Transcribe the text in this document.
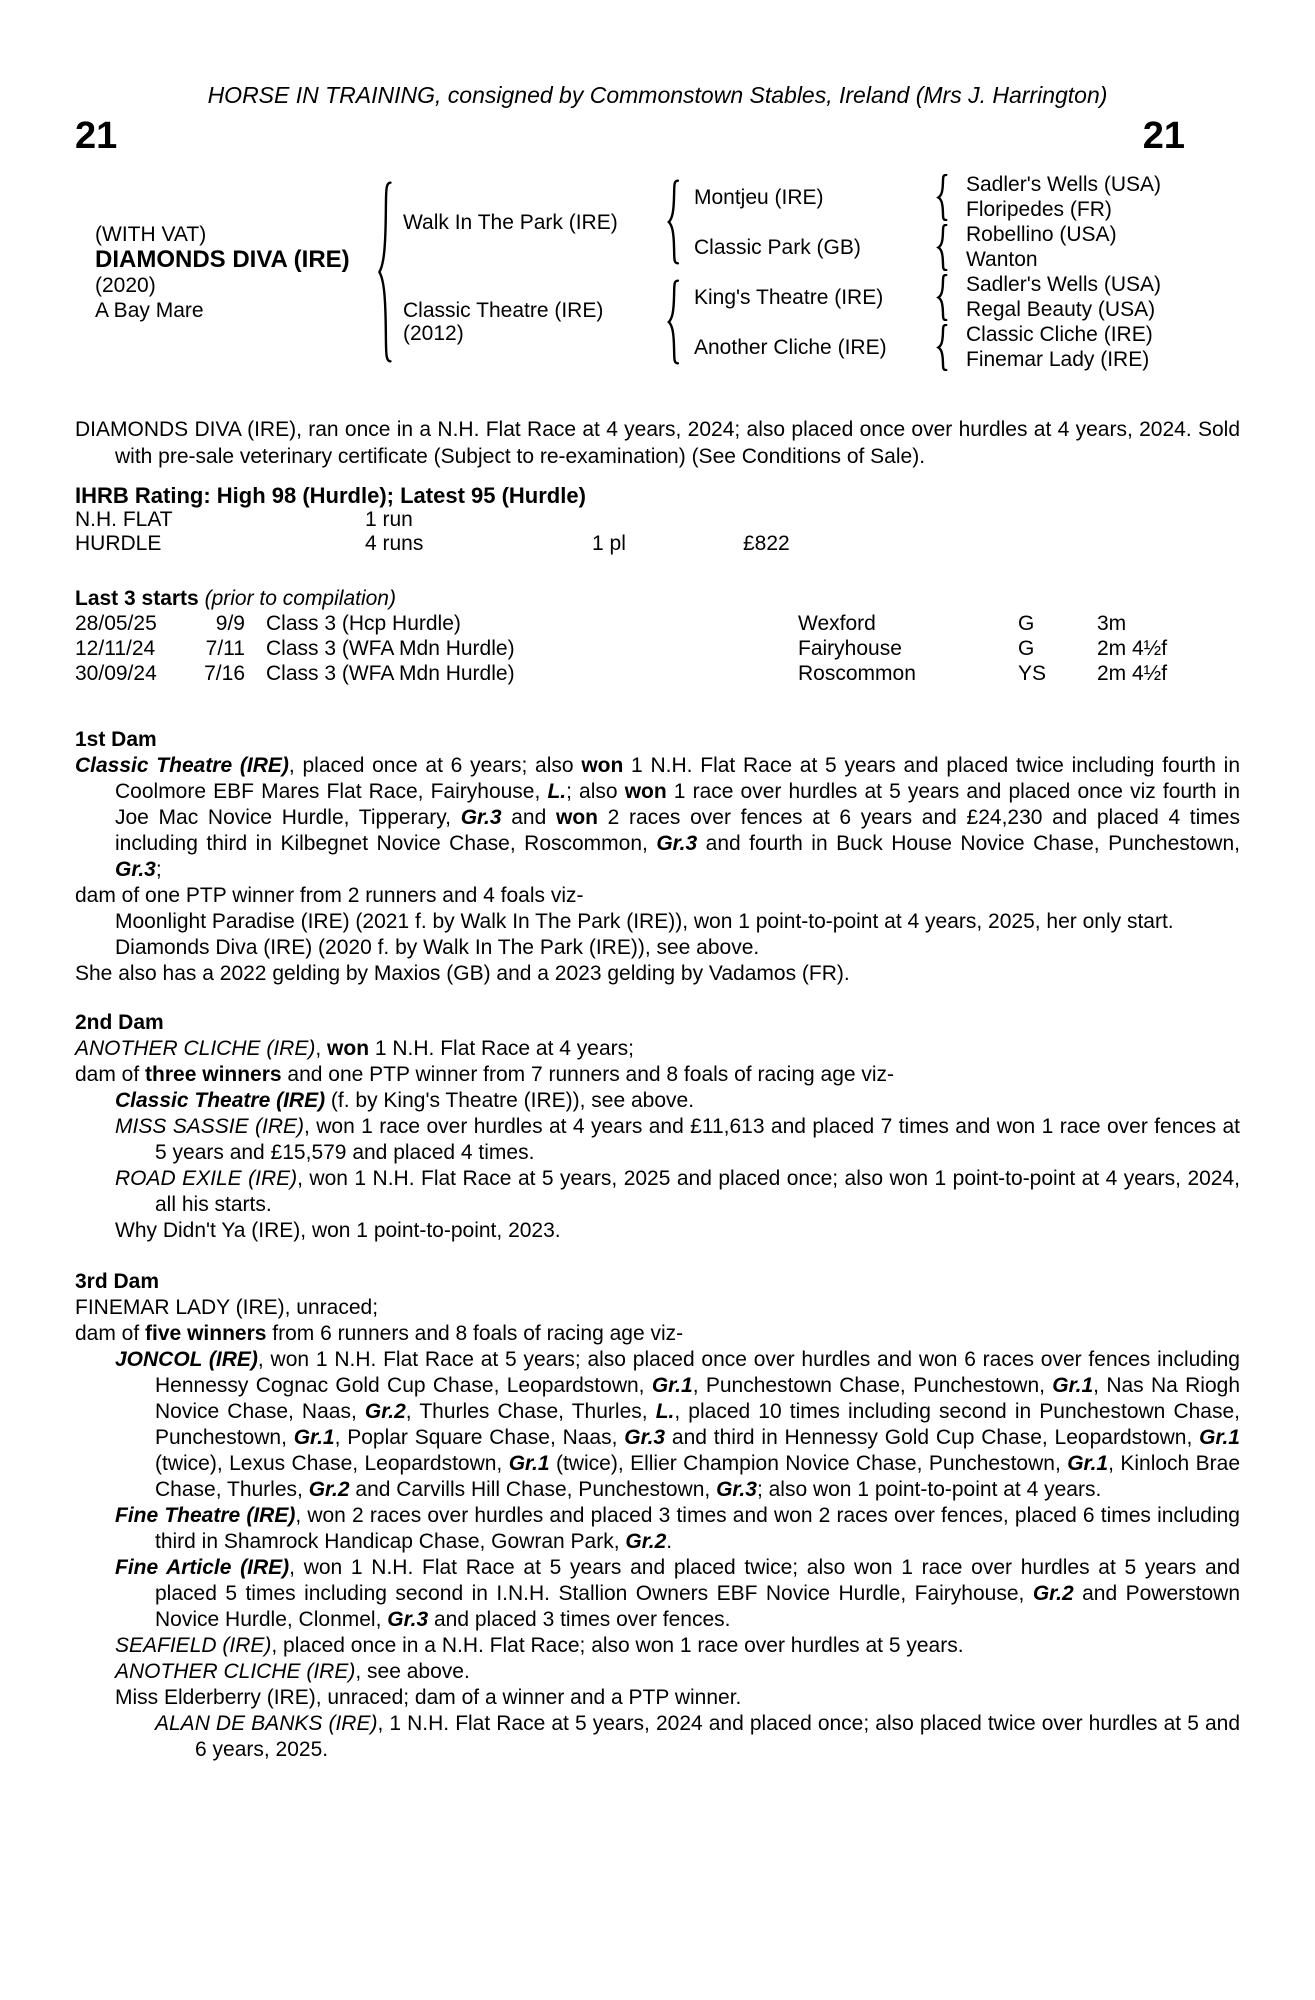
HORSE IN TRAINING, consigned by Commonstown Stables, Ireland (Mrs J. Harrington)
21	21
(WITH VAT)
DIAMONDS DIVA (IRE) (2020)
A Bay Mare
Walk In The Park (IRE)
Classic Theatre (IRE)
(2012)
Montjeu (IRE)
Classic Park (GB)
King's Theatre (IRE)
Another Cliche (IRE)
Sadler's Wells (USA)
Floripedes (FR)
Robellino (USA)
Wanton
Sadler's Wells (USA)
Regal Beauty (USA)
Classic Cliche (IRE)
Finemar Lady (IRE)

DIAMONDS DIVA (IRE), ran once in a N.H. Flat Race at 4 years, 2024; also placed once over hurdles at 4 years, 2024. Sold with pre-sale veterinary certificate (Subject to re-examination) (See Conditions of Sale).

IHRB Rating: High 98 (Hurdle); Latest 95 (Hurdle)
N.H. FLAT	1 run
HURDLE	4 runs	1 pl	£822
Last 3 starts (prior to compilation)
28/05/25	9/9	Class 3 (Hcp Hurdle)	Wexford	G	3m
12/11/24	7/11	Class 3 (WFA Mdn Hurdle)	Fairyhouse	G	2m 4½f
30/09/24	7/16	Class 3 (WFA Mdn Hurdle)	Roscommon	YS	2m 4½f
1st Dam

Classic Theatre (IRE), placed once at 6 years; also won 1 N.H. Flat Race at 5 years and placed twice including fourth in Coolmore EBF Mares Flat Race, Fairyhouse, L.; also won 1 race over hurdles at 5 years and placed once viz fourth in Joe Mac Novice Hurdle, Tipperary, Gr.3 and won 2 races over fences at 6 years and £24,230 and placed 4 times including third in Kilbegnet Novice Chase, Roscommon, Gr.3 and fourth in Buck House Novice Chase, Punchestown, Gr.3;

dam of one PTP winner from 2 runners and 4 foals viz-

Moonlight Paradise (IRE) (2021 f. by Walk In The Park (IRE)), won 1 point-to-point at 4 years, 2025, her only start.

Diamonds Diva (IRE) (2020 f. by Walk In The Park (IRE)), see above.

She also has a 2022 gelding by Maxios (GB) and a 2023 gelding by Vadamos (FR).

2nd Dam

ANOTHER CLICHE (IRE), won 1 N.H. Flat Race at 4 years;

dam of three winners and one PTP winner from 7 runners and 8 foals of racing age viz-

Classic Theatre (IRE) (f. by King's Theatre (IRE)), see above.

MISS SASSIE (IRE), won 1 race over hurdles at 4 years and £11,613 and placed 7 times and won 1 race over fences at 5 years and £15,579 and placed 4 times.

ROAD EXILE (IRE), won 1 N.H. Flat Race at 5 years, 2025 and placed once; also won 1 point-to-point at 4 years, 2024, all his starts.

Why Didn't Ya (IRE), won 1 point-to-point, 2023.

3rd Dam

FINEMAR LADY (IRE), unraced;

dam of five winners from 6 runners and 8 foals of racing age viz-

JONCOL (IRE), won 1 N.H. Flat Race at 5 years; also placed once over hurdles and won 6 races over fences including Hennessy Cognac Gold Cup Chase, Leopardstown, Gr.1, Punchestown Chase, Punchestown, Gr.1, Nas Na Riogh Novice Chase, Naas, Gr.2, Thurles Chase, Thurles, L., placed 10 times including second in Punchestown Chase, Punchestown, Gr.1, Poplar Square Chase, Naas, Gr.3 and third in Hennessy Gold Cup Chase, Leopardstown, Gr.1 (twice), Lexus Chase, Leopardstown, Gr.1 (twice), Ellier Champion Novice Chase, Punchestown, Gr.1, Kinloch Brae Chase, Thurles, Gr.2 and Carvills Hill Chase, Punchestown, Gr.3; also won 1 point-to-point at 4 years.

Fine Theatre (IRE), won 2 races over hurdles and placed 3 times and won 2 races over fences, placed 6 times including third in Shamrock Handicap Chase, Gowran Park, Gr.2.

Fine Article (IRE), won 1 N.H. Flat Race at 5 years and placed twice; also won 1 race over hurdles at 5 years and placed 5 times including second in I.N.H. Stallion Owners EBF Novice Hurdle, Fairyhouse, Gr.2 and Powerstown Novice Hurdle, Clonmel, Gr.3 and placed 3 times over fences.

SEAFIELD (IRE), placed once in a N.H. Flat Race; also won 1 race over hurdles at 5 years.

ANOTHER CLICHE (IRE), see above.

Miss Elderberry (IRE), unraced; dam of a winner and a PTP winner.

ALAN DE BANKS (IRE), 1 N.H. Flat Race at 5 years, 2024 and placed once; also placed twice over hurdles at 5 and 6 years, 2025.
